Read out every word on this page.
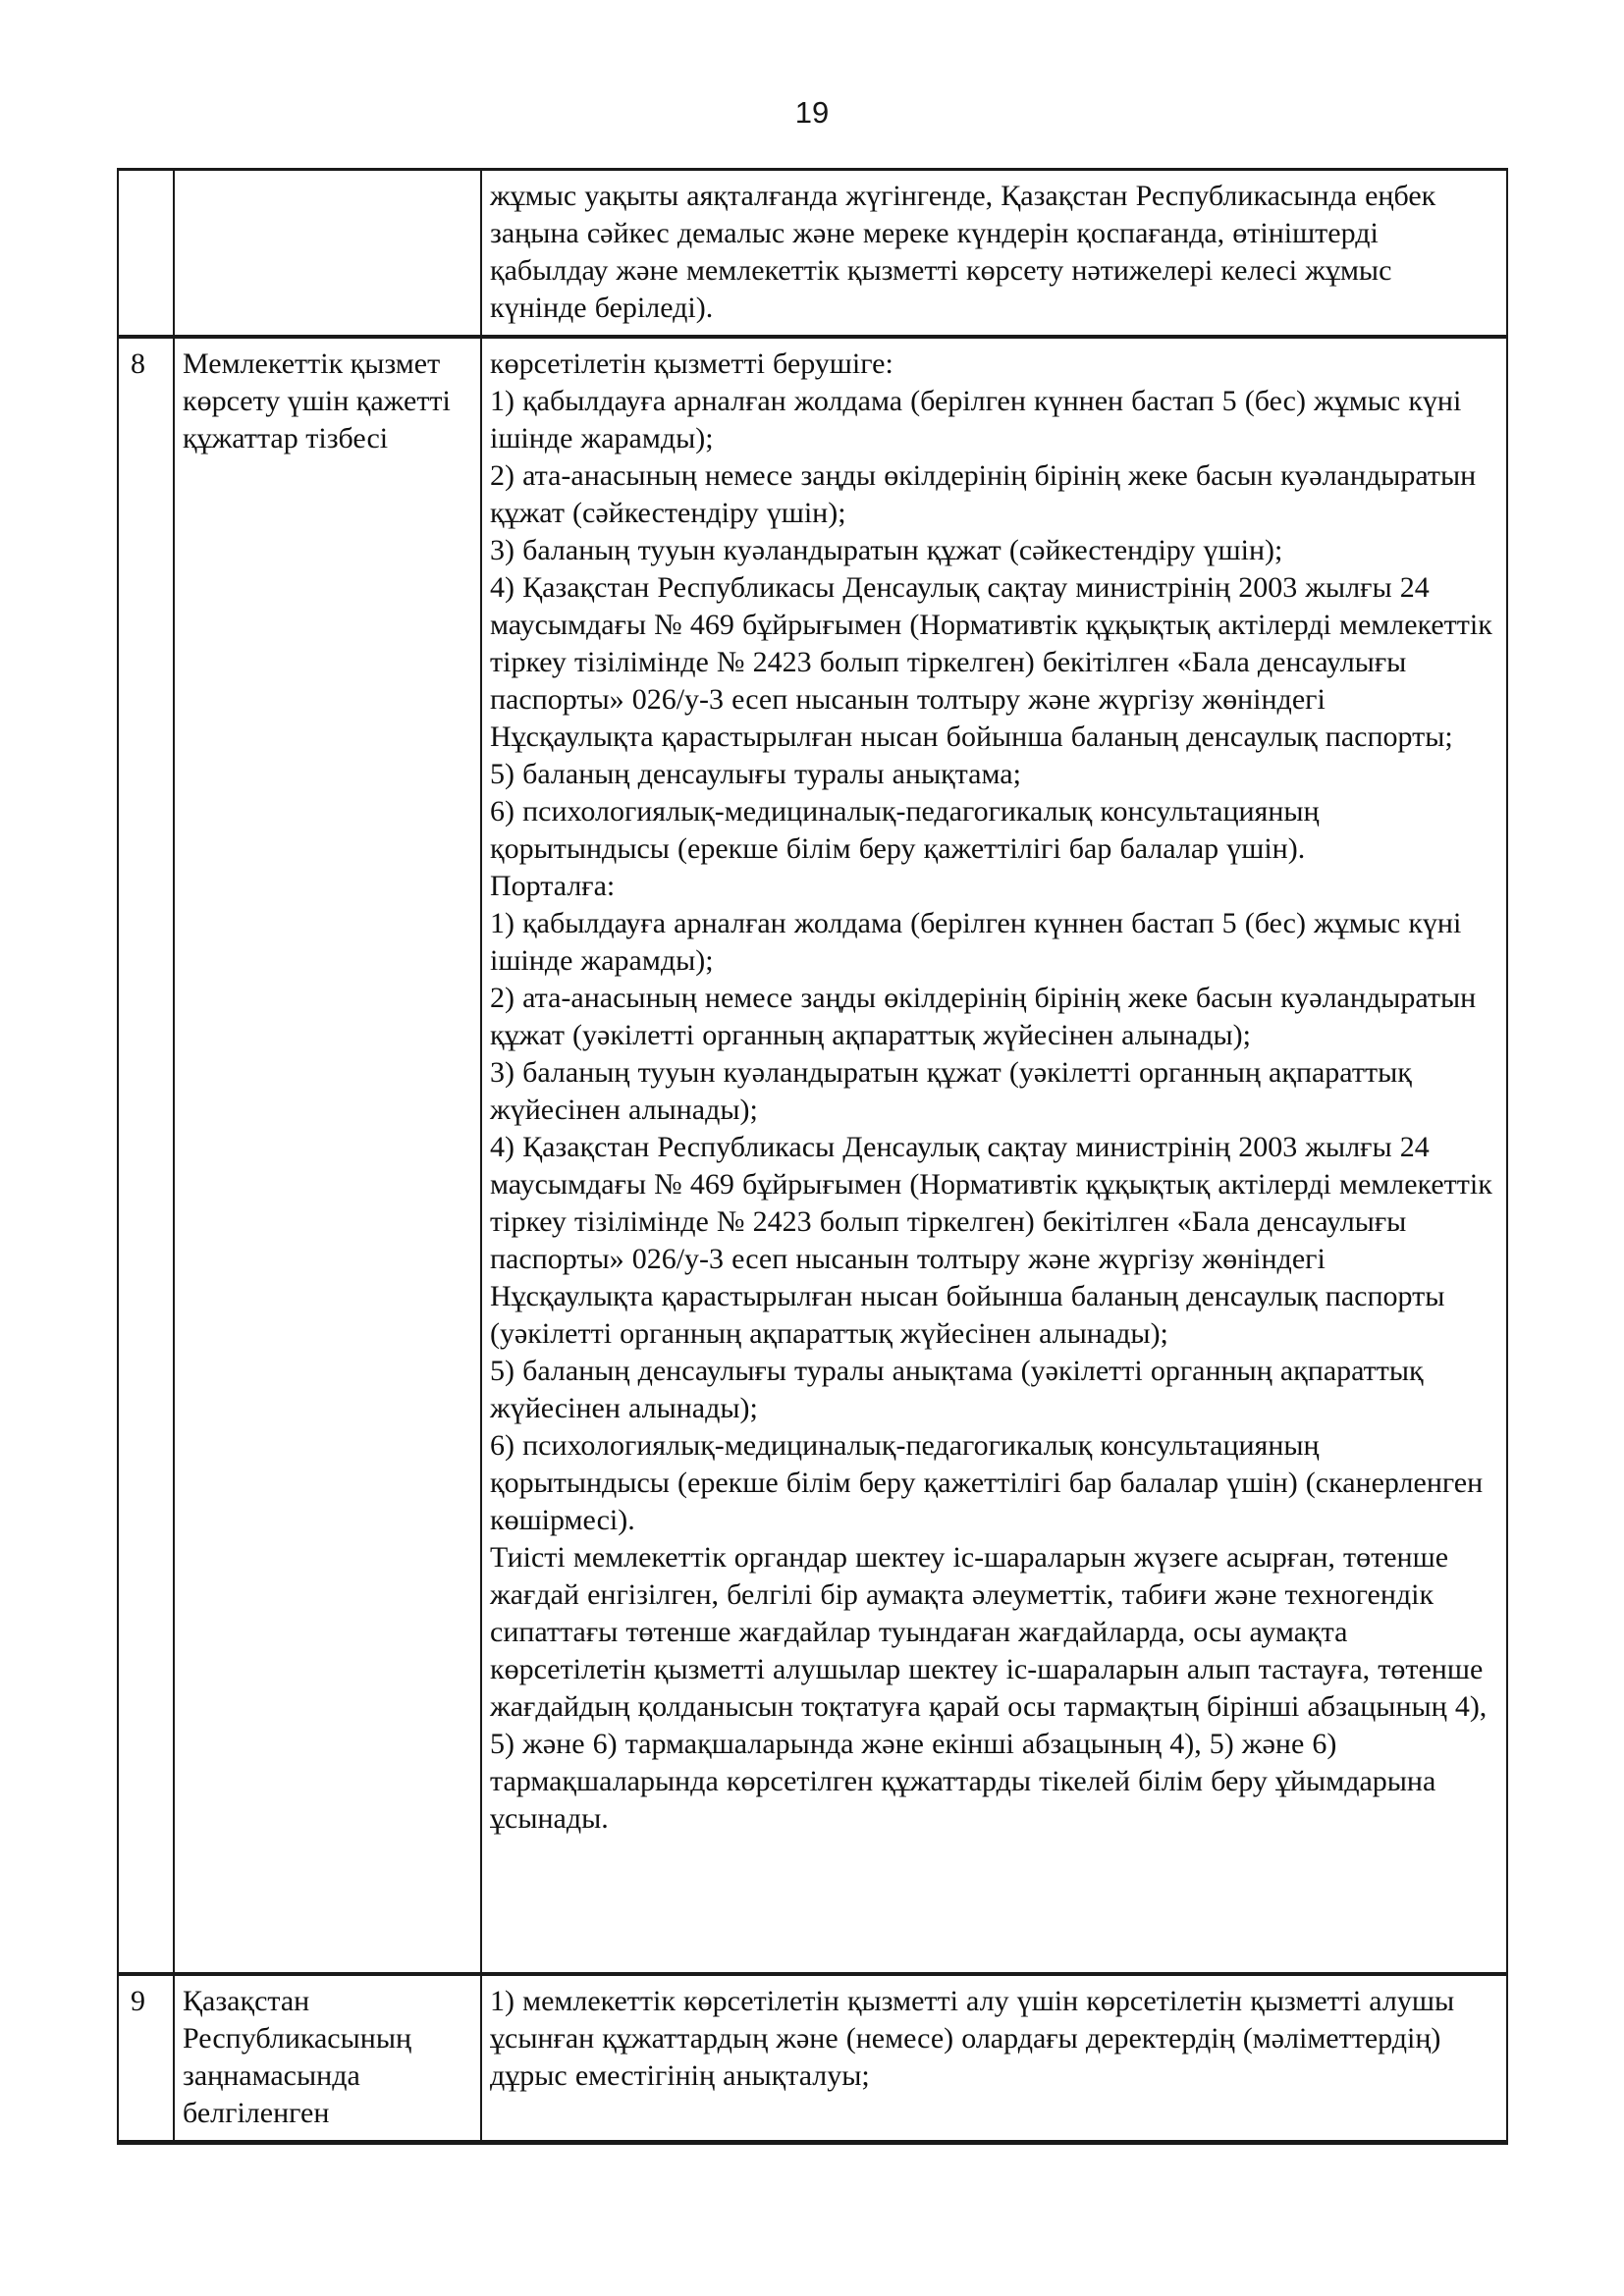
19
жұмыс уақыты аяқталғанда жүгінгенде, Қазақстан Республикасында еңбек заңына сәйкес демалыс және мереке күндерін қоспағанда, өтініштерді қабылдау және мемлекеттік қызметті көрсету нәтижелері келесі жұмыс күнінде беріледі).
8	Мемлекеттік қызмет көрсету үшін қажетті құжаттар тізбесі
көрсетілетін қызметті берушіге:
1) қабылдауға арналған жолдама (берілген күннен бастап 5 (бес) жұмыс күні ішінде жарамды);
2) ата-анасының немесе заңды өкілдерінің бірінің жеке басын куәландыратын құжат (сәйкестендіру үшін);
3) баланың тууын куәландыратын құжат (сәйкестендіру үшін);
4) Қазақстан Республикасы Денсаулық сақтау министрінің 2003 жылғы 24 маусымдағы № 469 бұйрығымен (Нормативтік құқықтық актілерді мемлекеттік тіркеу тізілімінде № 2423 болып тіркелген) бекітілген «Бала денсаулығы паспорты» 026/у-3 есеп нысанын толтыру және жүргізу жөніндегі Нұсқаулықта қарастырылған нысан бойынша баланың денсаулық паспорты;
5) баланың денсаулығы туралы анықтама;
6) психологиялық-медициналық-педагогикалық консультацияның қорытындысы (ерекше білім беру қажеттілігі бар балалар үшін).
Порталға:
1) қабылдауға арналған жолдама (берілген күннен бастап 5 (бес) жұмыс күні ішінде жарамды);
2) ата-анасының немесе заңды өкілдерінің бірінің жеке басын куәландыратын құжат (уәкілетті органның ақпараттық жүйесінен алынады);
3) баланың тууын куәландыратын құжат (уәкілетті органның ақпараттық жүйесінен алынады);
4) Қазақстан Республикасы Денсаулық сақтау министрінің 2003 жылғы 24 маусымдағы № 469 бұйрығымен (Нормативтік құқықтық актілерді мемлекеттік тіркеу тізілімінде № 2423 болып тіркелген) бекітілген «Бала денсаулығы паспорты» 026/у-3 есеп нысанын толтыру және жүргізу жөніндегі Нұсқаулықта қарастырылған нысан бойынша баланың денсаулық паспорты (уәкілетті органның ақпараттық жүйесінен алынады);
5) баланың денсаулығы туралы анықтама (уәкілетті органның ақпараттық жүйесінен алынады);
6) психологиялық-медициналық-педагогикалық консультацияның қорытындысы (ерекше білім беру қажеттілігі бар балалар үшін) (сканерленген көшірмесі).
Тиісті мемлекеттік органдар шектеу іс-шараларын жүзеге асырған, төтенше жағдай енгізілген, белгілі бір аумақта әлеуметтік, табиғи және техногендік сипаттағы төтенше жағдайлар туындаған жағдайларда, осы аумақта көрсетілетін қызметті алушылар шектеу іс-шараларын алып тастауға, төтенше жағдайдың қолданысын тоқтатуға қарай осы тармақтың бірінші абзацының 4), 5) және 6) тармақшаларында және екінші абзацының 4), 5) және 6) тармақшаларында көрсетілген құжаттарды тікелей білім беру ұйымдарына ұсынады.
9	Қазақстан Республикасының заңнамасында белгіленген
1) мемлекеттік көрсетілетін қызметті алу үшін көрсетілетін қызметті алушы ұсынған құжаттардың және (немесе) олардағы деректердің (мәліметтердің) дұрыс еместігінің анықталуы;
